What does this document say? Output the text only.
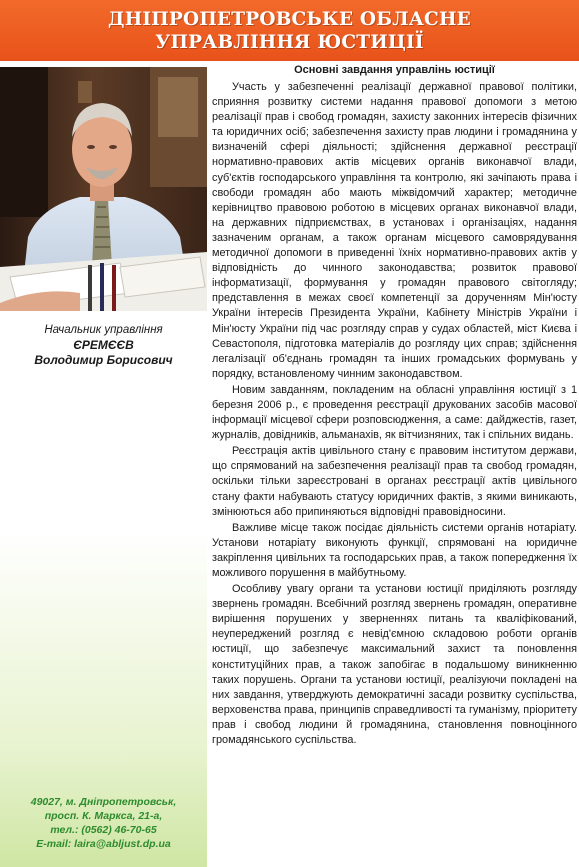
ДНІПРОПЕТРОВСЬКЕ ОБЛАСНЕ
УПРАВЛІННЯ ЮСТИЦІЇ
Начальник управління
ЄРЕМЄЄВ
Володимир Борисович
49027, м. Дніпропетровськ,
просп. К. Маркса, 21-а,
тел.: (0562) 46-70-65
E-mail: laira@abljust.dp.ua
Основні завдання управлінь юстиції

Участь у забезпеченні реалізації державної правової політики, сприяння розвитку системи надання правової допомоги з метою реалізації прав і свобод громадян, захисту законних інтересів фізичних та юридичних осіб; забезпечення захисту прав людини і громадянина у визначеній сфері діяльності; здійснення державної реєстрації нормативно-правових актів місцевих органів виконавчої влади, суб'єктів господарського управління та контролю, які зачіпають права і свободи громадян або мають міжвідомчий характер; методичне керівництво правовою роботою в місцевих органах виконавчої влади, на державних підприємствах, в установах і організаціях, надання зазначеним органам, а також органам місцевого самоврядування методичної допомоги в приведенні їхніх нормативно-правових актів у відповідність до чинного законодавства; розвиток правової інформатизації, формування у громадян правового світогляду; представлення в межах своєї компетенції за дорученням Мін'юсту України інтересів Президента України, Кабінету Міністрів України і Мін'юсту України під час розгляду справ у судах областей, міст Києва і Севастополя, підготовка матеріалів до розгляду цих справ; здійснення легалізації об'єднань громадян та інших громадських формувань у порядку, встановленому чинним законодавством.

Новим завданням, покладеним на обласні управління юстиції з 1 березня 2006 р., є проведення реєстрації друкованих засобів масової інформації місцевої сфери розповсюдження, а саме: дайджестів, газет, журналів, довідників, альманахів, як вітчизняних, так і спільних видань.

Реєстрація актів цивільного стану є правовим інститутом держави, що спрямований на забезпечення реалізації прав та свобод громадян, оскільки тільки зареєстровані в органах реєстрації актів цивільного стану факти набувають статусу юридичних фактів, з якими виникають, змінюються або припиняються відповідні правовідносини.

Важливе місце також посідає діяльність системи органів нотаріату. Установи нотаріату виконують функції, спрямовані на юридичне закріплення цивільних та господарських прав, а також попередження їх можливого порушення в майбутньому.

Особливу увагу органи та установи юстиції приділяють розгляду звернень громадян. Всебічний розгляд звернень громадян, оперативне вирішення порушених у зверненнях питань та кваліфікований, неупереджений розгляд є невід'ємною складовою роботи органів юстиції, що забезпечує максимальний захист та поновлення конституційних прав, а також запобігає в подальшому виникненню таких порушень. Органи та установи юстиції, реалізуючи покладені на них завдання, утверджують демократичні засади розвитку суспільства, верховенства права, принципів справедливості та гуманізму, пріоритету прав і свобод людини й громадянина, становлення повноцінного громадянського суспільства.
